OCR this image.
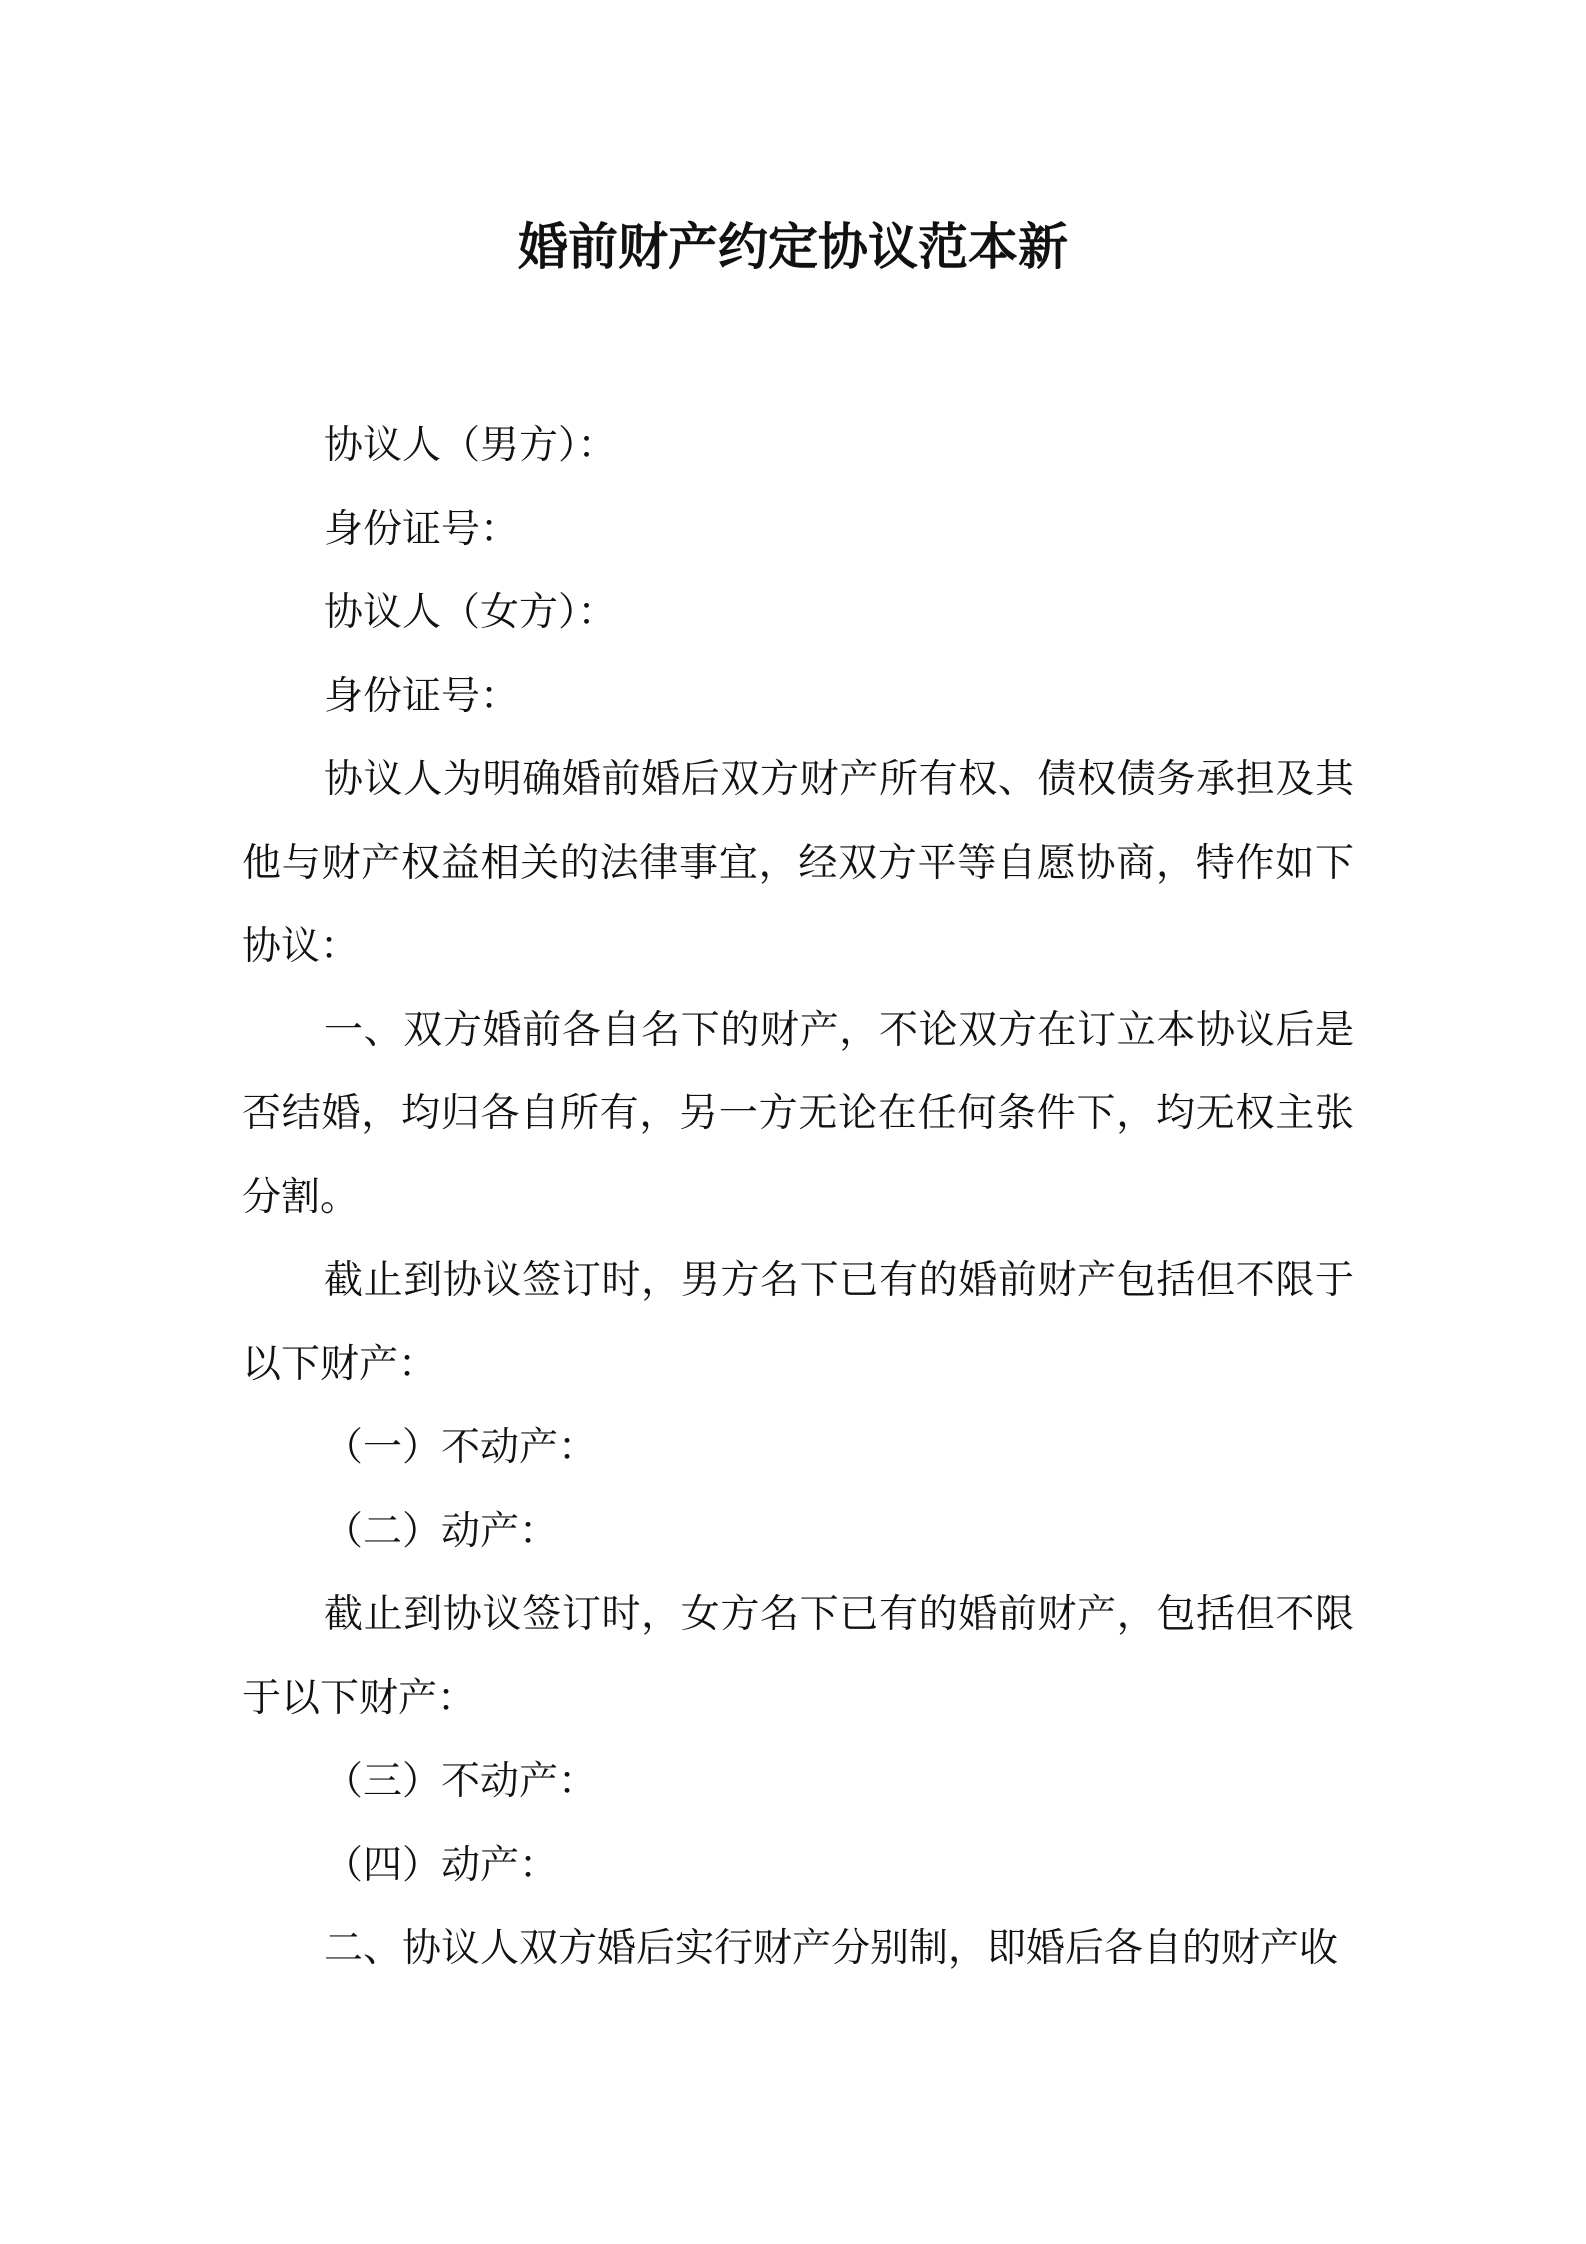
婚前财产约定协议范本新

协议人（男方）：

身份证号：

协议人（女方）：

身份证号：

协议人为明确婚前婚后双方财产所有权、债权债务承担及其他与财产权益相关的法律事宜，经双方平等自愿协商，特作如下协议：

一、双方婚前各自名下的财产，不论双方在订立本协议后是否结婚，均归各自所有，另一方无论在任何条件下，均无权主张分割。

截止到协议签订时，男方名下已有的婚前财产包括但不限于以下财产：

（一）不动产：

（二）动产：

截止到协议签订时，女方名下已有的婚前财产，包括但不限于以下财产：

（三）不动产：

（四）动产：

二、协议人双方婚后实行财产分别制，即婚后各自的财产收
